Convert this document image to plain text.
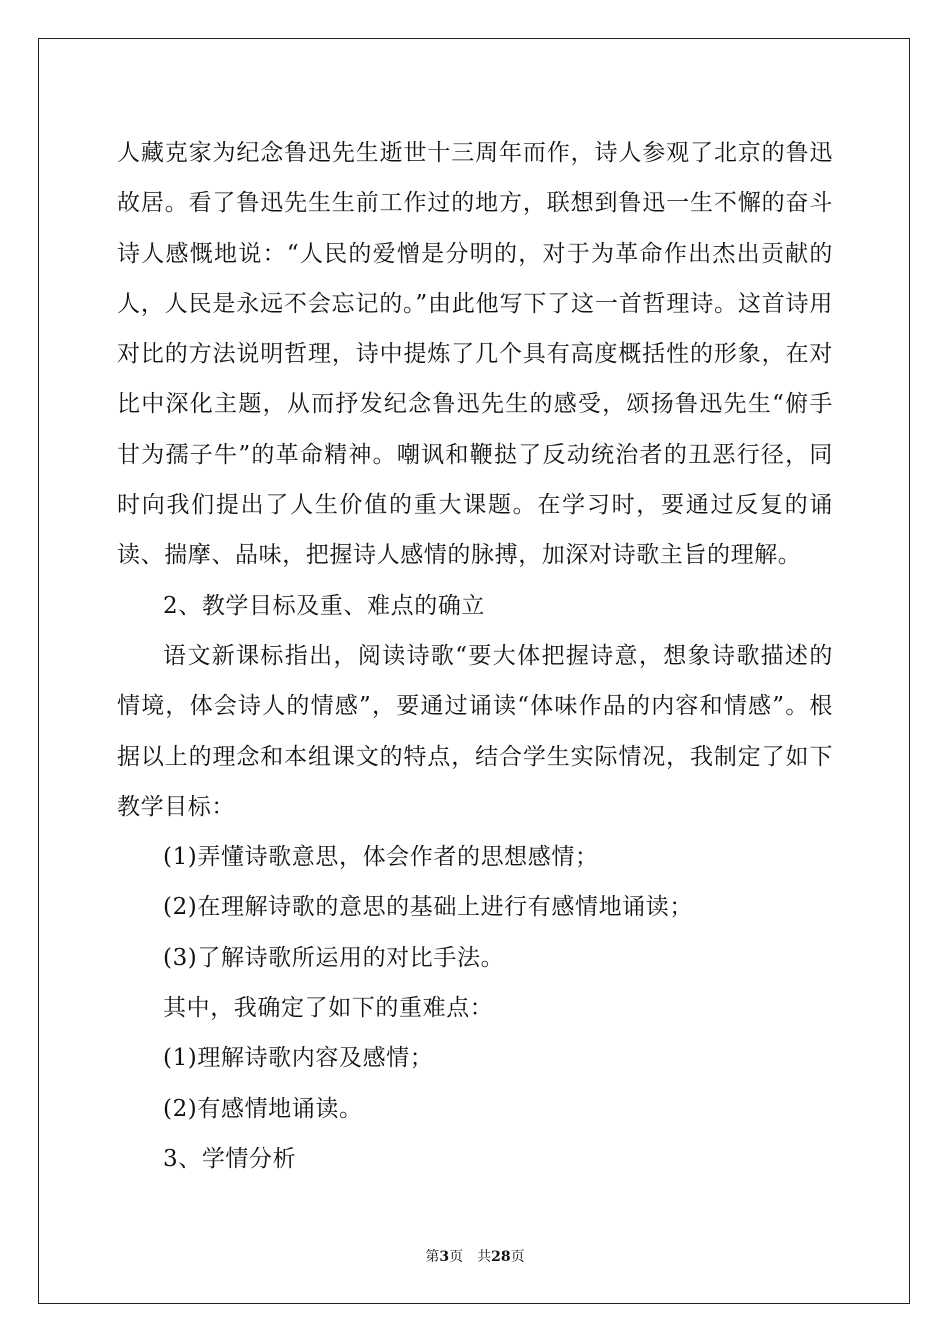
人藏克家为纪念鲁迅先生逝世十三周年而作，诗人参观了北京的鲁迅故居。看了鲁迅先生生前工作过的地方，联想到鲁迅一生不懈的奋斗诗人感慨地说：“人民的爱憎是分明的，对于为革命作出杰出贡献的人，人民是永远不会忘记的。”由此他写下了这一首哲理诗。这首诗用对比的方法说明哲理，诗中提炼了几个具有高度概括性的形象，在对比中深化主题，从而抒发纪念鲁迅先生的感受，颂扬鲁迅先生“俯手甘为孺子牛”的革命精神。嘲讽和鞭挞了反动统治者的丑恶行径，同时向我们提出了人生价值的重大课题。在学习时，要通过反复的诵读、揣摩、品味，把握诗人感情的脉搏，加深对诗歌主旨的理解。

2、教学目标及重、难点的确立

语文新课标指出，阅读诗歌“要大体把握诗意，想象诗歌描述的情境，体会诗人的情感”，要通过诵读“体味作品的内容和情感”。根据以上的理念和本组课文的特点，结合学生实际情况，我制定了如下教学目标：

(1)弄懂诗歌意思，体会作者的思想感情；

(2)在理解诗歌的意思的基础上进行有感情地诵读；

(3)了解诗歌所运用的对比手法。

其中，我确定了如下的重难点：

(1)理解诗歌内容及感情；

(2)有感情地诵读。

3、学情分析

第3页 共28页
